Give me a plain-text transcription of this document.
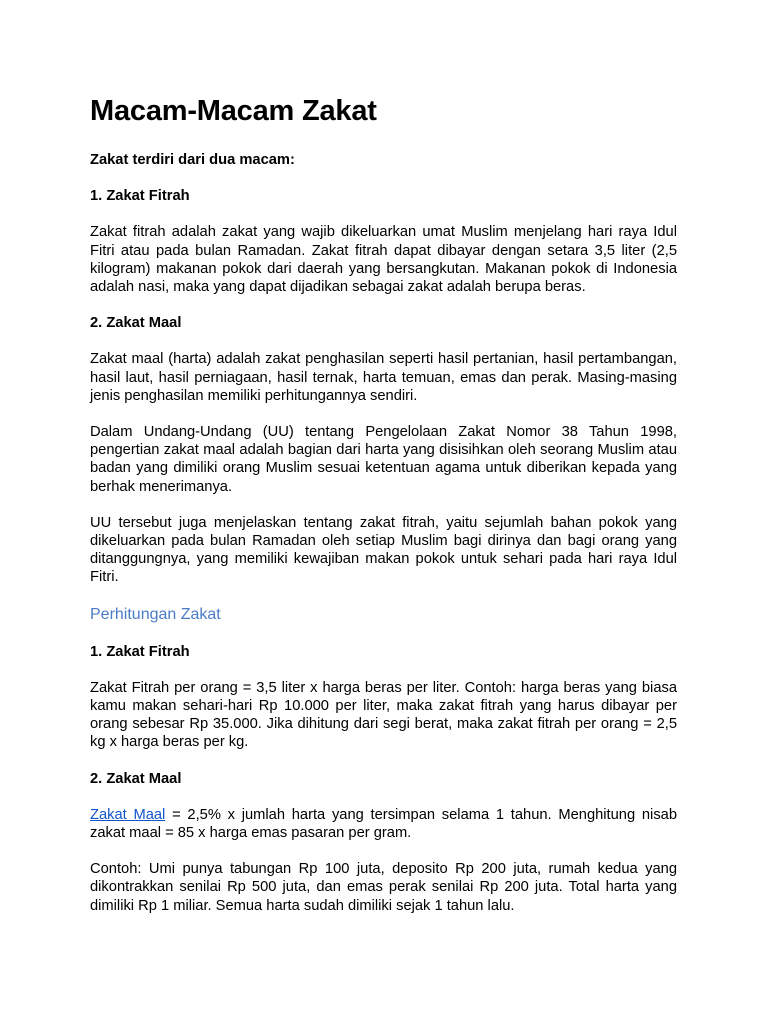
Macam-Macam Zakat

Zakat terdiri dari dua macam:

1. Zakat Fitrah

Zakat fitrah adalah zakat yang wajib dikeluarkan umat Muslim menjelang hari raya Idul Fitri atau pada bulan Ramadan. Zakat fitrah dapat dibayar dengan setara 3,5 liter (2,5 kilogram) makanan pokok dari daerah yang bersangkutan. Makanan pokok di Indonesia adalah nasi, maka yang dapat dijadikan sebagai zakat adalah berupa beras.

2. Zakat Maal

Zakat maal (harta) adalah zakat penghasilan seperti hasil pertanian, hasil pertambangan, hasil laut, hasil perniagaan, hasil ternak, harta temuan, emas dan perak. Masing-masing jenis penghasilan memiliki perhitungannya sendiri.

Dalam Undang-Undang (UU) tentang Pengelolaan Zakat Nomor 38 Tahun 1998, pengertian zakat maal adalah bagian dari harta yang disisihkan oleh seorang Muslim atau badan yang dimiliki orang Muslim sesuai ketentuan agama untuk diberikan kepada yang berhak menerimanya.

UU tersebut juga menjelaskan tentang zakat fitrah, yaitu sejumlah bahan pokok yang dikeluarkan pada bulan Ramadan oleh setiap Muslim bagi dirinya dan bagi orang yang ditanggungnya, yang memiliki kewajiban makan pokok untuk sehari pada hari raya Idul Fitri.

Perhitungan Zakat

1. Zakat Fitrah

Zakat Fitrah per orang = 3,5 liter x harga beras per liter. Contoh: harga beras yang biasa kamu makan sehari-hari Rp 10.000 per liter, maka zakat fitrah yang harus dibayar per orang sebesar Rp 35.000. Jika dihitung dari segi berat, maka zakat fitrah per orang = 2,5 kg x harga beras per kg.

2. Zakat Maal

Zakat Maal = 2,5% x jumlah harta yang tersimpan selama 1 tahun. Menghitung nisab zakat maal = 85 x harga emas pasaran per gram.

Contoh: Umi punya tabungan Rp 100 juta, deposito Rp 200 juta, rumah kedua yang dikontrakkan senilai Rp 500 juta, dan emas perak senilai Rp 200 juta. Total harta yang dimiliki Rp 1 miliar. Semua harta sudah dimiliki sejak 1 tahun lalu.
